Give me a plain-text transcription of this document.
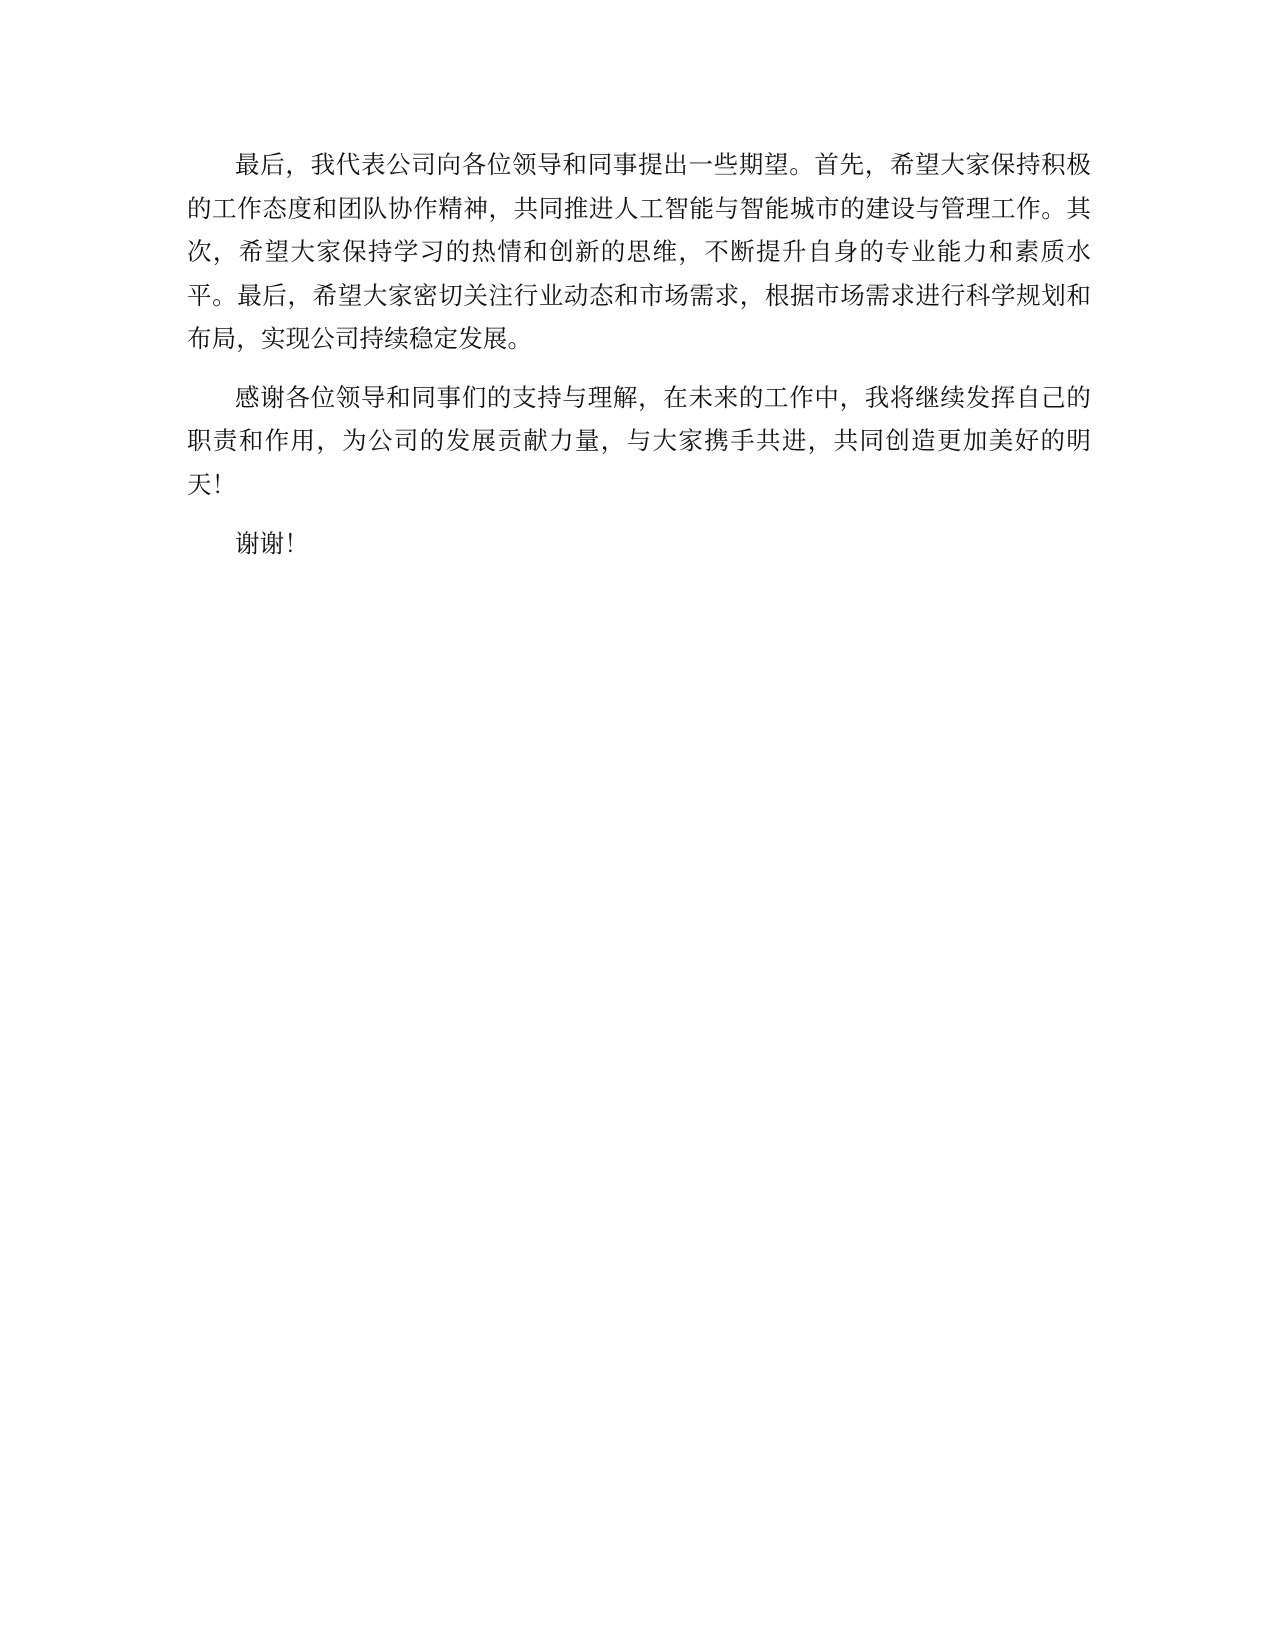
最后，我代表公司向各位领导和同事提出一些期望。首先，希望大家保持积极的工作态度和团队协作精神，共同推进人工智能与智能城市的建设与管理工作。其次，希望大家保持学习的热情和创新的思维，不断提升自身的专业能力和素质水平。最后，希望大家密切关注行业动态和市场需求，根据市场需求进行科学规划和布局，实现公司持续稳定发展。

感谢各位领导和同事们的支持与理解，在未来的工作中，我将继续发挥自己的职责和作用，为公司的发展贡献力量，与大家携手共进，共同创造更加美好的明天！

谢谢！
